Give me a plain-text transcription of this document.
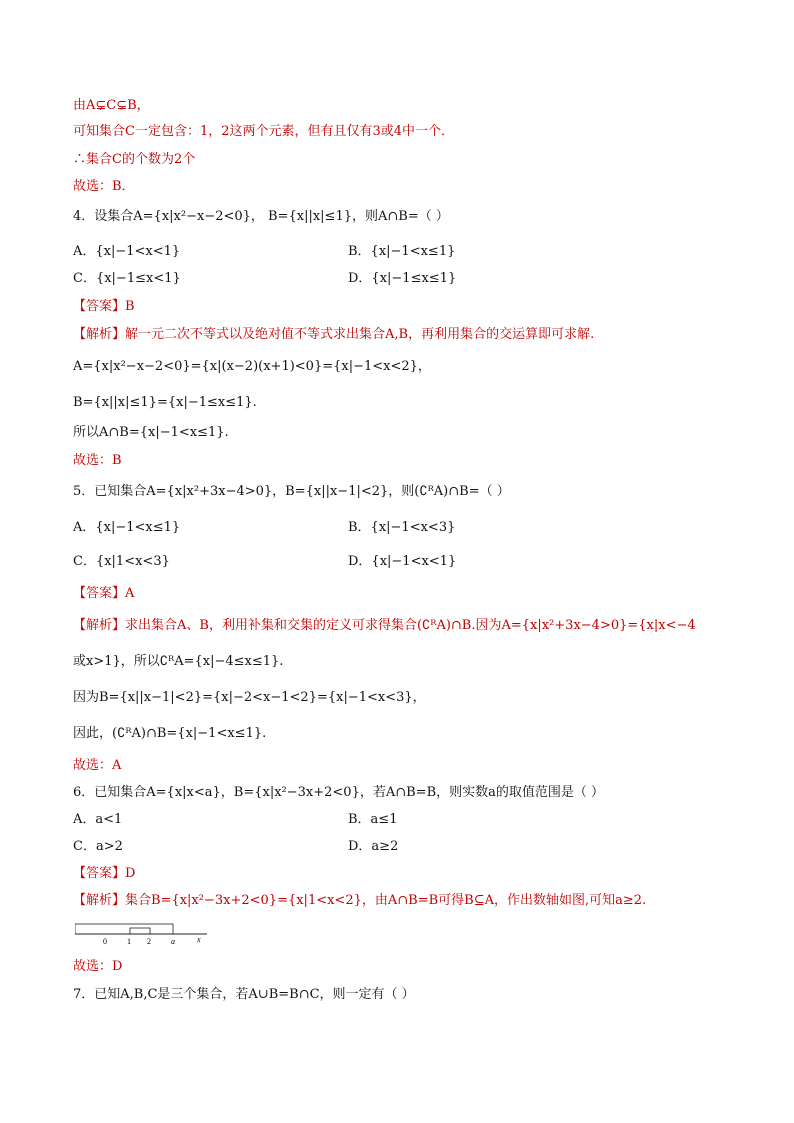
由A⊊C⊊B，
可知集合C一定包含：1，2这两个元素，但有且仅有3或4中一个．
∴集合C的个数为2个
故选：B．
4．设集合A={x|x²−x−2<0}， B={x||x|≤1}，则A∩B=（ ）
A．{x|−1<x<1}	B．{x|−1<x≤1}
C．{x|−1≤x<1}	D．{x|−1≤x≤1}
【答案】B
【解析】解一元二次不等式以及绝对值不等式求出集合A,B，再利用集合的交运算即可求解.
A={x|x²−x−2<0}={x|(x−2)(x+1)<0}={x|−1<x<2}，
B={x||x|≤1}={x|−1≤x≤1}.
所以A∩B={x|−1<x≤1}.
故选：B
5．已知集合A={x|x²+3x−4>0}，B={x||x−1|<2}，则(∁ᴿA)∩B=（ ）
A．{x|−1<x≤1}	B．{x|−1<x<3}
C．{x|1<x<3}	D．{x|−1<x<1}
【答案】A
【解析】求出集合A、B，利用补集和交集的定义可求得集合(∁ᴿA)∩B.因为A={x|x²+3x−4>0}={x|x<−4
或x>1}，所以∁ᴿA={x|−4≤x≤1}.
因为B={x||x−1|<2}={x|−2<x−1<2}={x|−1<x<3}，
因此，(∁ᴿA)∩B={x|−1<x≤1}.
故选：A
6．已知集合A={x|x<a}，B={x|x²−3x+2<0}，若A∩B=B，则实数a的取值范围是（ ）
A．a<1	B．a≤1
C．a>2	D．a≥2
【答案】D
【解析】集合B={x|x²−3x+2<0}={x|1<x<2}，由A∩B=B可得B⊆A，作出数轴如图,可知a≥2.
0	1 2	a	x
故选：D
7．已知A,B,C是三个集合，若A∪B=B∩C，则一定有（ ）
